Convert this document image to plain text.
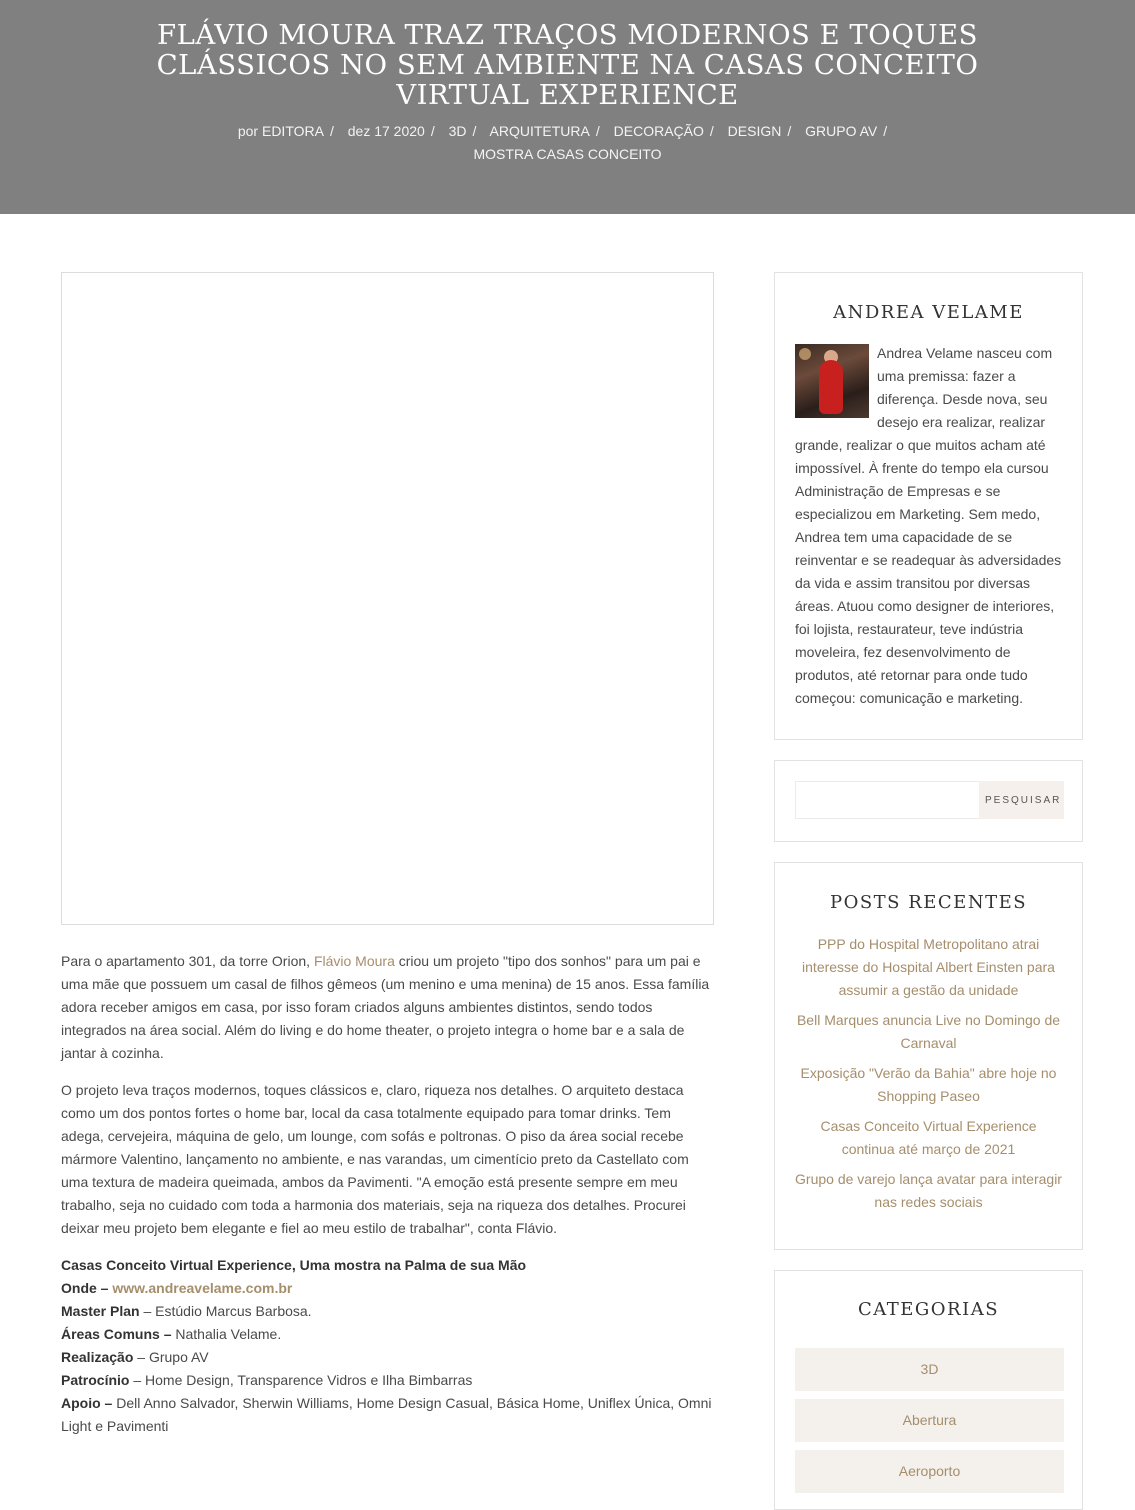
FLÁVIO MOURA TRAZ TRAÇOS MODERNOS E TOQUES CLÁSSICOS NO SEM AMBIENTE NA CASAS CONCEITO VIRTUAL EXPERIENCE
por EDITORA / dez 17 2020 / 3D / ARQUITETURA / DECORAÇÃO / DESIGN / GRUPO AV /
MOSTRA CASAS CONCEITO

Para o apartamento 301, da torre Orion, Flávio Moura criou um projeto "tipo dos sonhos" para um pai e uma mãe que possuem um casal de filhos gêmeos (um menino e uma menina) de 15 anos. Essa família adora receber amigos em casa, por isso foram criados alguns ambientes distintos, sendo todos integrados na área social. Além do living e do home theater, o projeto integra o home bar e a sala de jantar à cozinha.

O projeto leva traços modernos, toques clássicos e, claro, riqueza nos detalhes. O arquiteto destaca como um dos pontos fortes o home bar, local da casa totalmente equipado para tomar drinks. Tem adega, cervejeira, máquina de gelo, um lounge, com sofás e poltronas. O piso da área social recebe mármore Valentino, lançamento no ambiente, e nas varandas, um cimentício preto da Castellato com uma textura de madeira queimada, ambos da Pavimenti. "A emoção está presente sempre em meu trabalho, seja no cuidado com toda a harmonia dos materiais, seja na riqueza dos detalhes. Procurei deixar meu projeto bem elegante e fiel ao meu estilo de trabalhar", conta Flávio.

Casas Conceito Virtual Experience, Uma mostra na Palma de sua Mão
Onde – www.andreavelame.com.br
Master Plan – Estúdio Marcus Barbosa.
Áreas Comuns – Nathalia Velame.
Realização – Grupo AV
Patrocínio – Home Design, Transparence Vidros e Ilha Bimbarras
Apoio – Dell Anno Salvador, Sherwin Williams, Home Design Casual, Básica Home, Uniflex Única, Omni Light e Pavimenti

ANDREA VELAME
Andrea Velame nasceu com uma premissa: fazer a diferença. Desde nova, seu desejo era realizar, realizar grande, realizar o que muitos acham até impossível. À frente do tempo ela cursou Administração de Empresas e se especializou em Marketing. Sem medo, Andrea tem uma capacidade de se reinventar e se readequar às adversidades da vida e assim transitou por diversas áreas. Atuou como designer de interiores, foi lojista, restaurateur, teve indústria moveleira, fez desenvolvimento de produtos, até retornar para onde tudo começou: comunicação e marketing.
PESQUISAR
POSTS RECENTES
PPP do Hospital Metropolitano atrai interesse do Hospital Albert Einsten para assumir a gestão da unidade
Bell Marques anuncia Live no Domingo de Carnaval
Exposição "Verão da Bahia" abre hoje no Shopping Paseo
Casas Conceito Virtual Experience continua até março de 2021
Grupo de varejo lança avatar para interagir nas redes sociais
CATEGORIAS
3D
Abertura
Aeroporto
